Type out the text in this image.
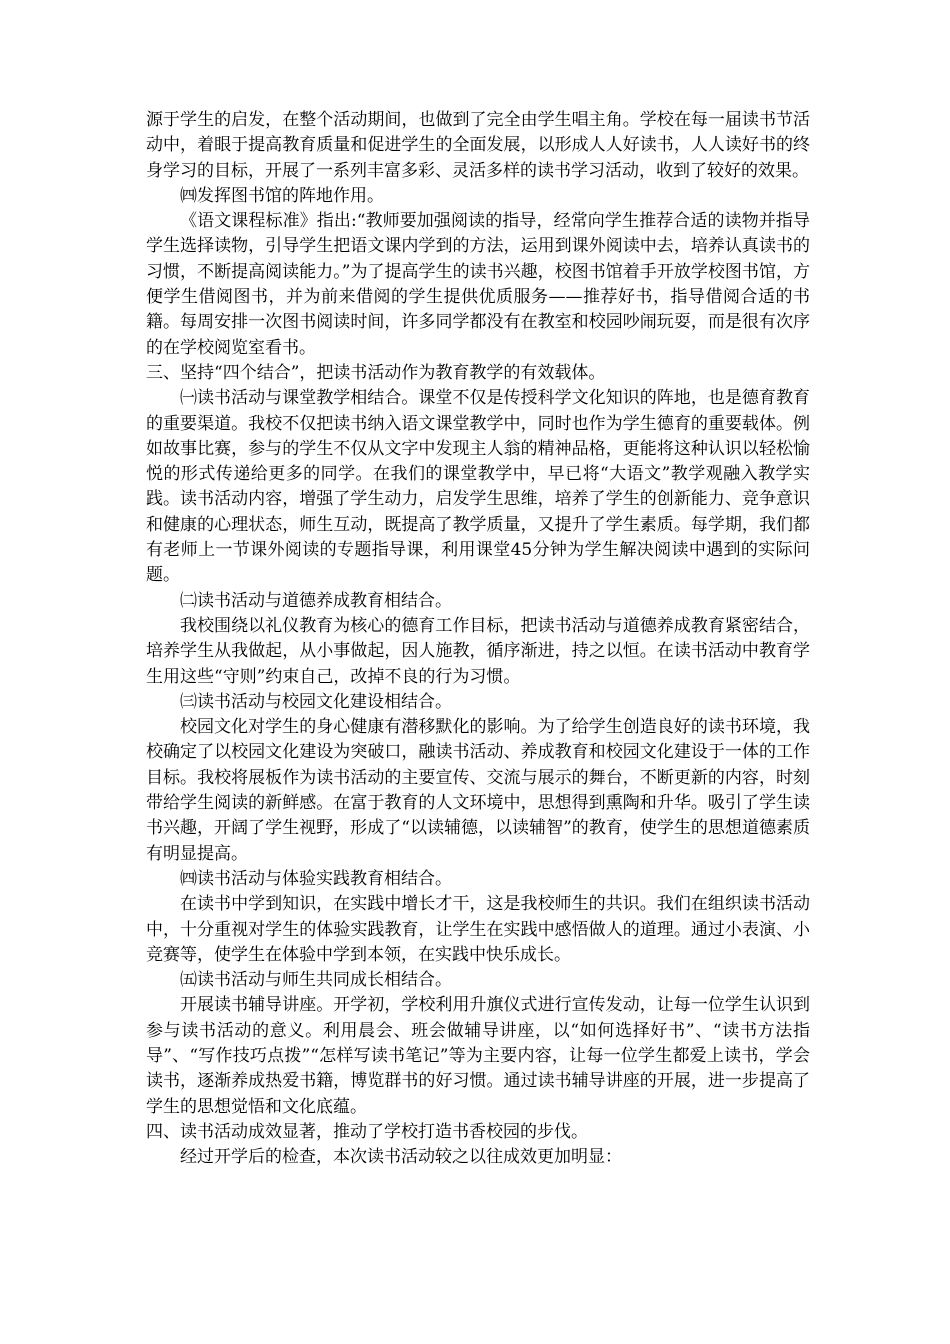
源于学生的启发，在整个活动期间，也做到了完全由学生唱主角。学校在每一届读书节活动中，着眼于提高教育质量和促进学生的全面发展，以形成人人好读书，人人读好书的终身学习的目标，开展了一系列丰富多彩、灵活多样的读书学习活动，收到了较好的效果。

㈣发挥图书馆的阵地作用。

《语文课程标准》指出:“教师要加强阅读的指导，经常向学生推荐合适的读物并指导学生选择读物，引导学生把语文课内学到的方法，运用到课外阅读中去，培养认真读书的习惯，不断提高阅读能力。”为了提高学生的读书兴趣，校图书馆着手开放学校图书馆，方便学生借阅图书，并为前来借阅的学生提供优质服务——推荐好书，指导借阅合适的书籍。每周安排一次图书阅读时间，许多同学都没有在教室和校园吵闹玩耍，而是很有次序的在学校阅览室看书。

三、坚持“四个结合”，把读书活动作为教育教学的有效载体。

㈠读书活动与课堂教学相结合。课堂不仅是传授科学文化知识的阵地，也是德育教育的重要渠道。我校不仅把读书纳入语文课堂教学中，同时也作为学生德育的重要载体。例如故事比赛，参与的学生不仅从文字中发现主人翁的精神品格，更能将这种认识以轻松愉悦的形式传递给更多的同学。在我们的课堂教学中，早已将“大语文”教学观融入教学实践。读书活动内容，增强了学生动力，启发学生思维，培养了学生的创新能力、竞争意识和健康的心理状态，师生互动，既提高了教学质量，又提升了学生素质。每学期，我们都有老师上一节课外阅读的专题指导课，利用课堂45分钟为学生解决阅读中遇到的实际问题。

㈡读书活动与道德养成教育相结合。

我校围绕以礼仪教育为核心的德育工作目标，把读书活动与道德养成教育紧密结合，培养学生从我做起，从小事做起，因人施教，循序渐进，持之以恒。在读书活动中教育学生用这些“守则”约束自己，改掉不良的行为习惯。

㈢读书活动与校园文化建设相结合。

校园文化对学生的身心健康有潜移默化的影响。为了给学生创造良好的读书环境，我校确定了以校园文化建设为突破口，融读书活动、养成教育和校园文化建设于一体的工作目标。我校将展板作为读书活动的主要宣传、交流与展示的舞台，不断更新的内容，时刻带给学生阅读的新鲜感。在富于教育的人文环境中，思想得到熏陶和升华。吸引了学生读书兴趣，开阔了学生视野，形成了“以读辅德，以读辅智”的教育，使学生的思想道德素质有明显提高。

㈣读书活动与体验实践教育相结合。

在读书中学到知识，在实践中增长才干，这是我校师生的共识。我们在组织读书活动中，十分重视对学生的体验实践教育，让学生在实践中感悟做人的道理。通过小表演、小竞赛等，使学生在体验中学到本领，在实践中快乐成长。

㈤读书活动与师生共同成长相结合。

开展读书辅导讲座。开学初，学校利用升旗仪式进行宣传发动，让每一位学生认识到参与读书活动的意义。利用晨会、班会做辅导讲座，以“如何选择好书”、“读书方法指导”、“写作技巧点拨”“怎样写读书笔记”等为主要内容，让每一位学生都爱上读书，学会读书，逐渐养成热爱书籍，博览群书的好习惯。通过读书辅导讲座的开展，进一步提高了学生的思想觉悟和文化底蕴。

四、读书活动成效显著，推动了学校打造书香校园的步伐。

经过开学后的检查，本次读书活动较之以往成效更加明显：
